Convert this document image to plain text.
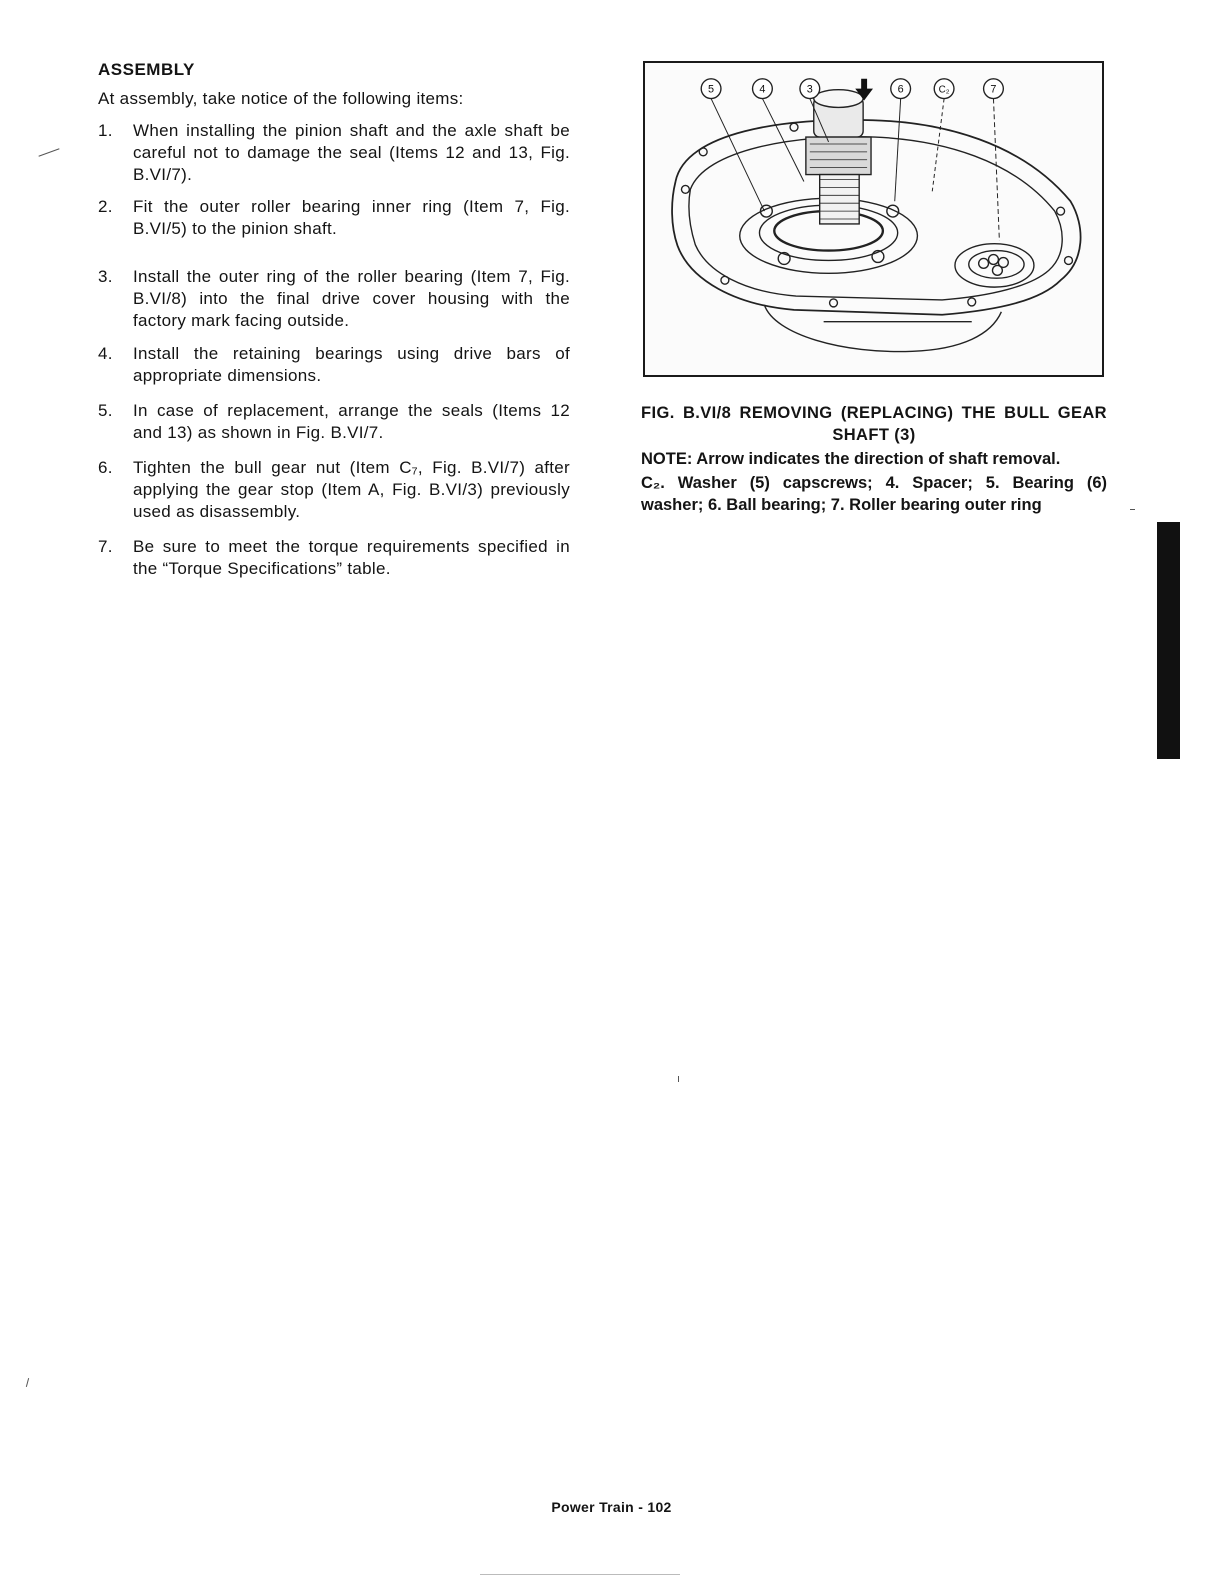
ASSEMBLY
At assembly, take notice of the following items:
1.	When installing the pinion shaft and the axle shaft be careful not to damage the seal (Items 12 and 13, Fig. B.VI/7).
2.	Fit the outer roller bearing inner ring (Item 7, Fig. B.VI/5) to the pinion shaft.
3.	Install the outer ring of the roller bearing (Item 7, Fig. B.VI/8) into the final drive cover housing with the factory mark facing outside.
4.	Install the retaining bearings using drive bars of appropriate dimensions.
5.	In case of replacement, arrange the seals (Items 12 and 13) as shown in Fig. B.VI/7.
6.	Tighten the bull gear nut (Item C₇, Fig. B.VI/7) after applying the gear stop (Item A, Fig. B.VI/3) previously used as disassembly.
7.	Be sure to meet the torque requirements specified in the “Torque Specifications” table.
5	4	3	6	C₂	7
FIG. B.VI/8 REMOVING (REPLACING) THE BULL GEAR SHAFT (3)
NOTE: Arrow indicates the direction of shaft removal.
C₂. Washer (5) capscrews; 4. Spacer; 5. Bearing (6) washer; 6. Ball bearing; 7. Roller bearing outer ring
Power Train - 102
